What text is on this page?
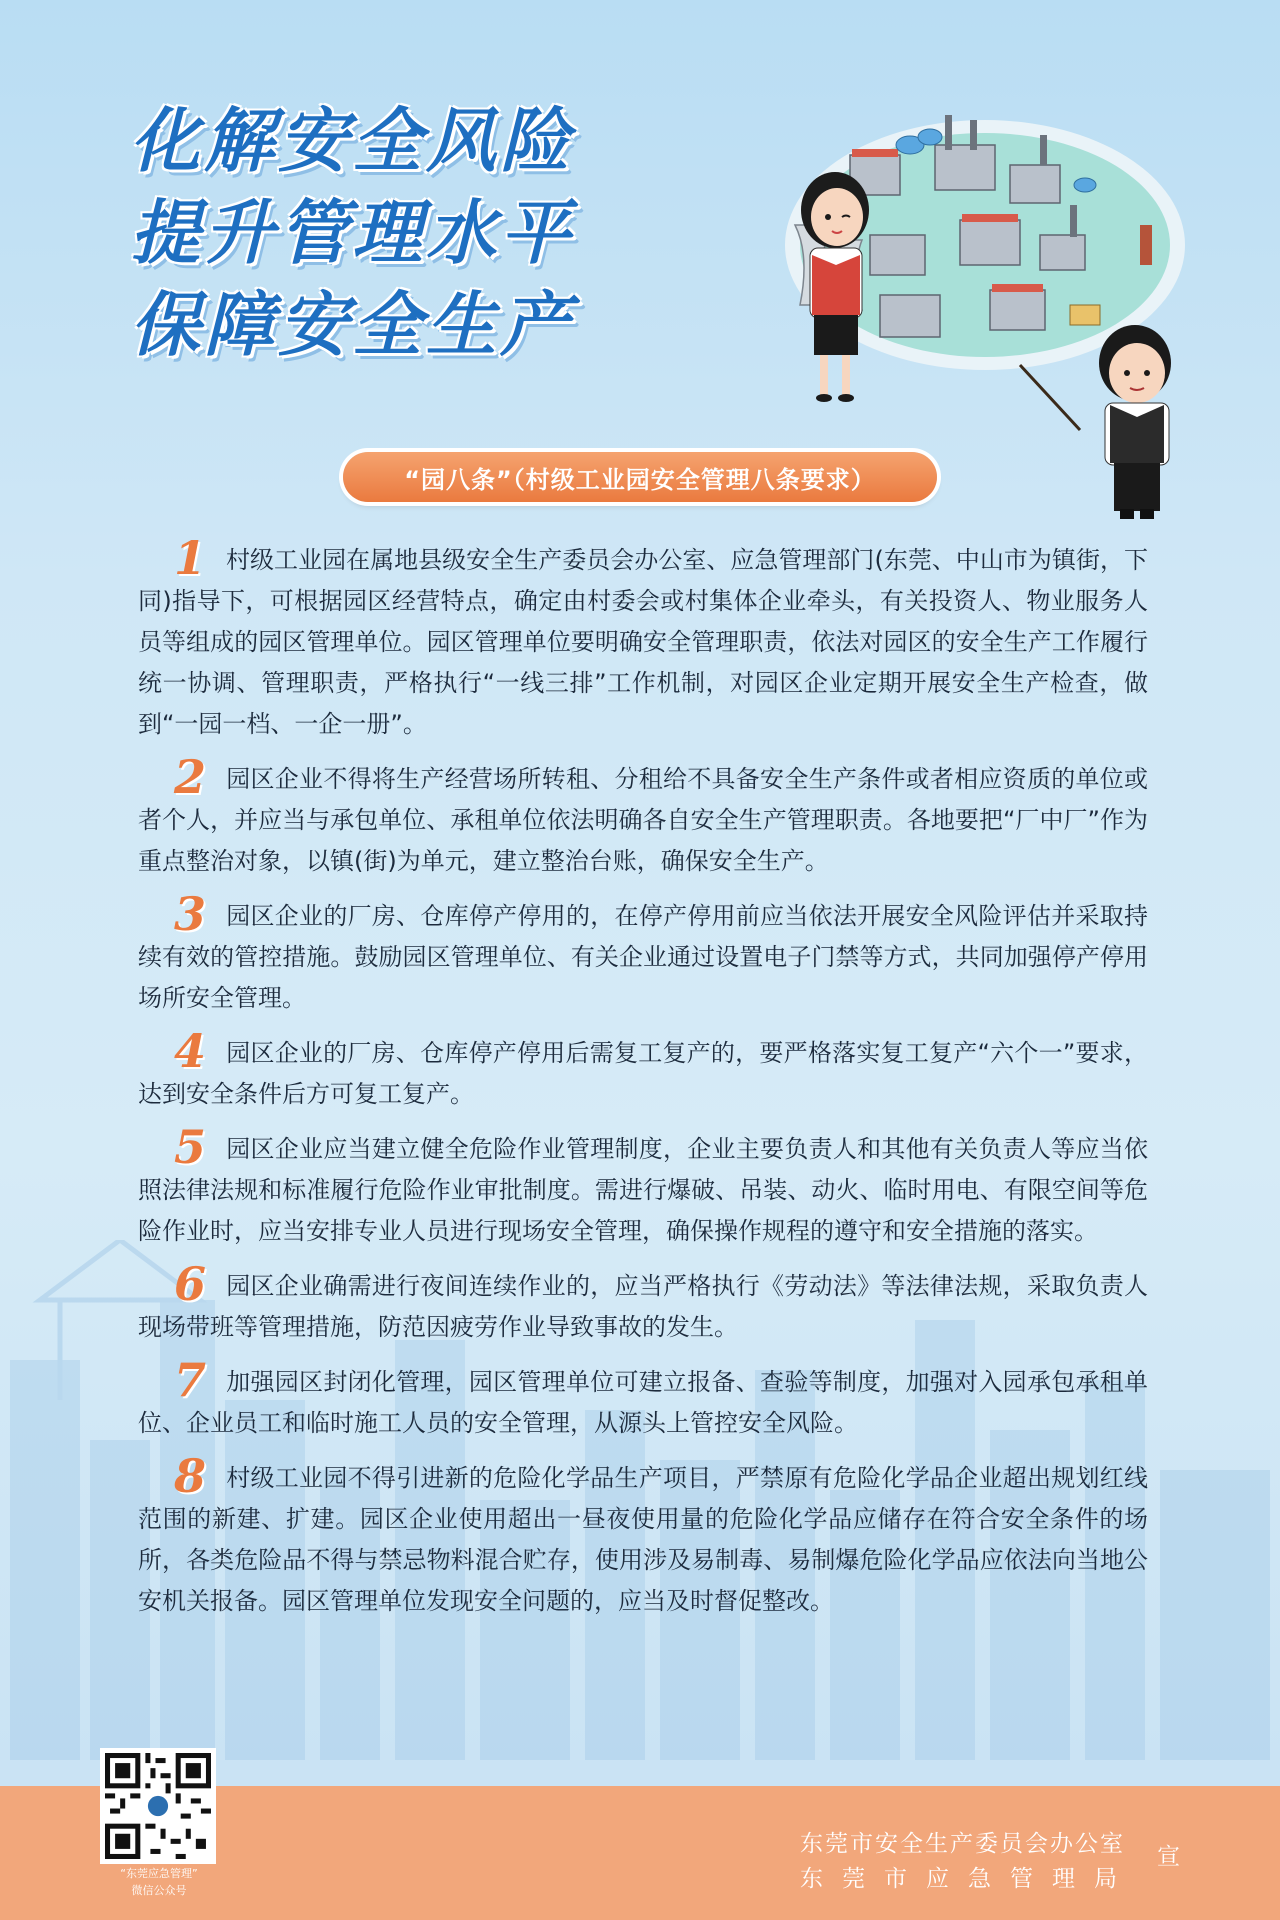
化解安全风险
提升管理水平
保障安全生产
“园八条”（村级工业园安全管理八条要求）
1 村级工业园在属地县级安全生产委员会办公室、应急管理部门(东莞、中山市为镇街，下同)指导下，可根据园区经营特点，确定由村委会或村集体企业牵头，有关投资人、物业服务人员等组成的园区管理单位。园区管理单位要明确安全管理职责，依法对园区的安全生产工作履行统一协调、管理职责，严格执行“一线三排”工作机制，对园区企业定期开展安全生产检查，做到“一园一档、一企一册”。
2 园区企业不得将生产经营场所转租、分租给不具备安全生产条件或者相应资质的单位或者个人，并应当与承包单位、承租单位依法明确各自安全生产管理职责。各地要把“厂中厂”作为重点整治对象，以镇(街)为单元，建立整治台账，确保安全生产。
3 园区企业的厂房、仓库停产停用的，在停产停用前应当依法开展安全风险评估并采取持续有效的管控措施。鼓励园区管理单位、有关企业通过设置电子门禁等方式，共同加强停产停用场所安全管理。
4 园区企业的厂房、仓库停产停用后需复工复产的，要严格落实复工复产“六个一”要求，达到安全条件后方可复工复产。
5 园区企业应当建立健全危险作业管理制度，企业主要负责人和其他有关负责人等应当依照法律法规和标准履行危险作业审批制度。需进行爆破、吊装、动火、临时用电、有限空间等危险作业时，应当安排专业人员进行现场安全管理，确保操作规程的遵守和安全措施的落实。
6 园区企业确需进行夜间连续作业的，应当严格执行《劳动法》等法律法规，采取负责人现场带班等管理措施，防范因疲劳作业导致事故的发生。
7 加强园区封闭化管理，园区管理单位可建立报备、查验等制度，加强对入园承包承租单位、企业员工和临时施工人员的安全管理，从源头上管控安全风险。
8 村级工业园不得引进新的危险化学品生产项目，严禁原有危险化学品企业超出规划红线范围的新建、扩建。园区企业使用超出一昼夜使用量的危险化学品应储存在符合安全条件的场所，各类危险品不得与禁忌物料混合贮存，使用涉及易制毒、易制爆危险化学品应依法向当地公安机关报备。园区管理单位发现安全问题的，应当及时督促整改。
“东莞应急管理”
微信公众号
东莞市安全生产委员会办公室
东莞市应急管理局
宣
